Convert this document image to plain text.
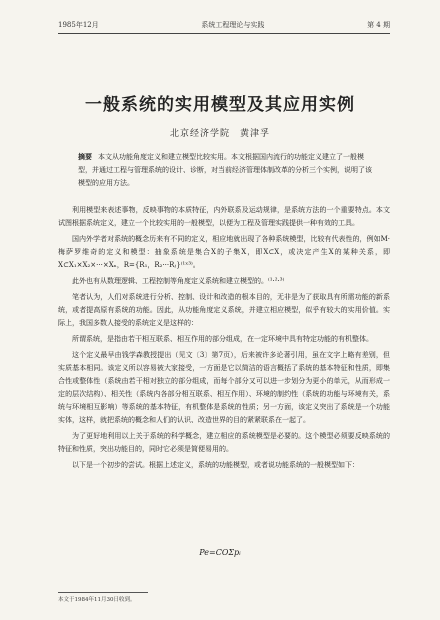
1985年12月	系统工程理论与实践	第 4 期
一般系统的实用模型及其应用实例
北京经济学院　黄津孚
摘要 本文从功能角度定义和建立模型比较实用。本文根据国内流行的功能定义建立了一般模型，并通过工程与管理系统的设计、诊断，对当前经济管理体制改革的分析三个实例，说明了该模型的应用方法。

利用模型来表述事物，反映事物的本质特征，内外联系及运动规律，是系统方法的一个重要特点。本文试图根据系统定义，建立一个比较实用的一般模型，以便为工程及管理实践提供一种有效的工具。

国内外学者对系统的概念历来有不同的定义，相应地就出现了各种系统模型，比较有代表性的，例如M·梅萨罗维奇的定义和模型：抽象系统是集合X的子集X，即X⊂X，或决定产生X的某种关系，即X⊂X₁×X₂×···×Xₙ，R={R₁，R₂···Rⱼ}⁽¹ˣ³⁾。

此外也有从数理逻辑、工程控制等角度定义系统和建立模型的。⁽¹·²·³⁾

笔者认为，人们对系统进行分析、控制、设计和改造的根本目的，无非是为了获取具有所需功能的新系统，或者提高原有系统的功能。因此，从功能角度定义系统，并建立相应模型，似乎有较大的实用价值。实际上，我国多数人接受的系统定义是这样的：

所谓系统，是指由若干相互联系、相互作用的部分组成，在一定环境中具有特定功能的有机整体。

这个定义最早由钱学森教授提出（见文〔3〕第7页），后来被许多论著引用，虽在文字上略有差别，但实质基本相同。该定义所以容易被大家接受，一方面是它以简洁的语言概括了系统的基本特征和性质，即集合性或整体性（系统由若干相对独立的部分组成，而每个部分又可以进一步划分为更小的单元，从而形成一定的层次结构）、相关性（系统内各部分相互联系、相互作用）、环境的制约性（系统的功能与环境有关，系统与环境相互影响）等系统的基本特征，有机整体是系统的性质；另一方面，该定义突出了系统是一个功能实体，这样，就把系统的概念和人们的认识、改造世界的目的紧紧联系在一起了。

为了更好地利用以上关于系统的科学概念，建立相应的系统模型是必要的。这个模型必须要反映系统的特征和性质，突出功能目的，同时它必须是简便易用的。

以下是一个初步的尝试。根据上述定义，系统的功能模型，或者说功能系统的一般模型如下：

Pe=CΟΣpᵢ
本文于1984年11月30日收到。
